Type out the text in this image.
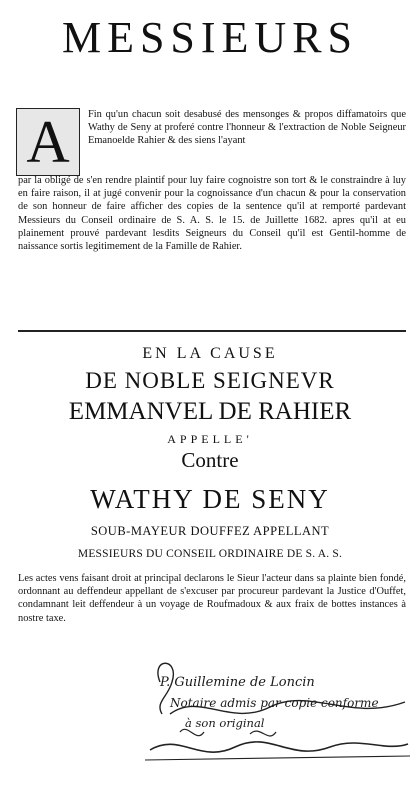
MESSIEURS
A	Fin qu'un chacun soit desabusé des mensonges & propos diffamatoirs que Wathy de Seny at proferé contre l'honneur & l'extraction de Noble Seigneur Emanoelde Rahier & des siens l'ayant

par la obligé de s'en rendre plaintif pour luy faire cognoistre son tort & le constraindre à luy en faire raison, il at jugé convenir pour la cognoissance d'un chacun & pour la conservation de son honneur de faire afficher des copies de la sentence qu'il at remporté pardevant Messieurs du Conseil ordinaire de S. A. S. le 15. de Juillette 1682. apres qu'il at eu plainement prouvé pardevant lesdits Seigneurs du Conseil qu'il est Gentil-homme de naissance sortis legitimement de la Famille de Rahier.

EN LA CAUSE
DE NOBLE SEIGNEVR
EMMANVEL DE RAHIER
APPELLE'
Contre
WATHY DE SENY
SOUB-MAYEUR DOUFFEZ APPELLANT
MESSIEURS DU CONSEIL ORDINAIRE DE S. A. S.

Les actes vens faisant droit at principal declarons le Sieur l'acteur dans sa plainte bien fondé, ordonnant au deffendeur appellant de s'excuser par procureur pardevant la Justice d'Ouffet, condamnant leit deffendeur à un voyage de Roufmadoux & aux fraix de bottes instances à nostre taxe.

P. Guillemine de Loncin
Notaire admis par copie conforme
à son original
